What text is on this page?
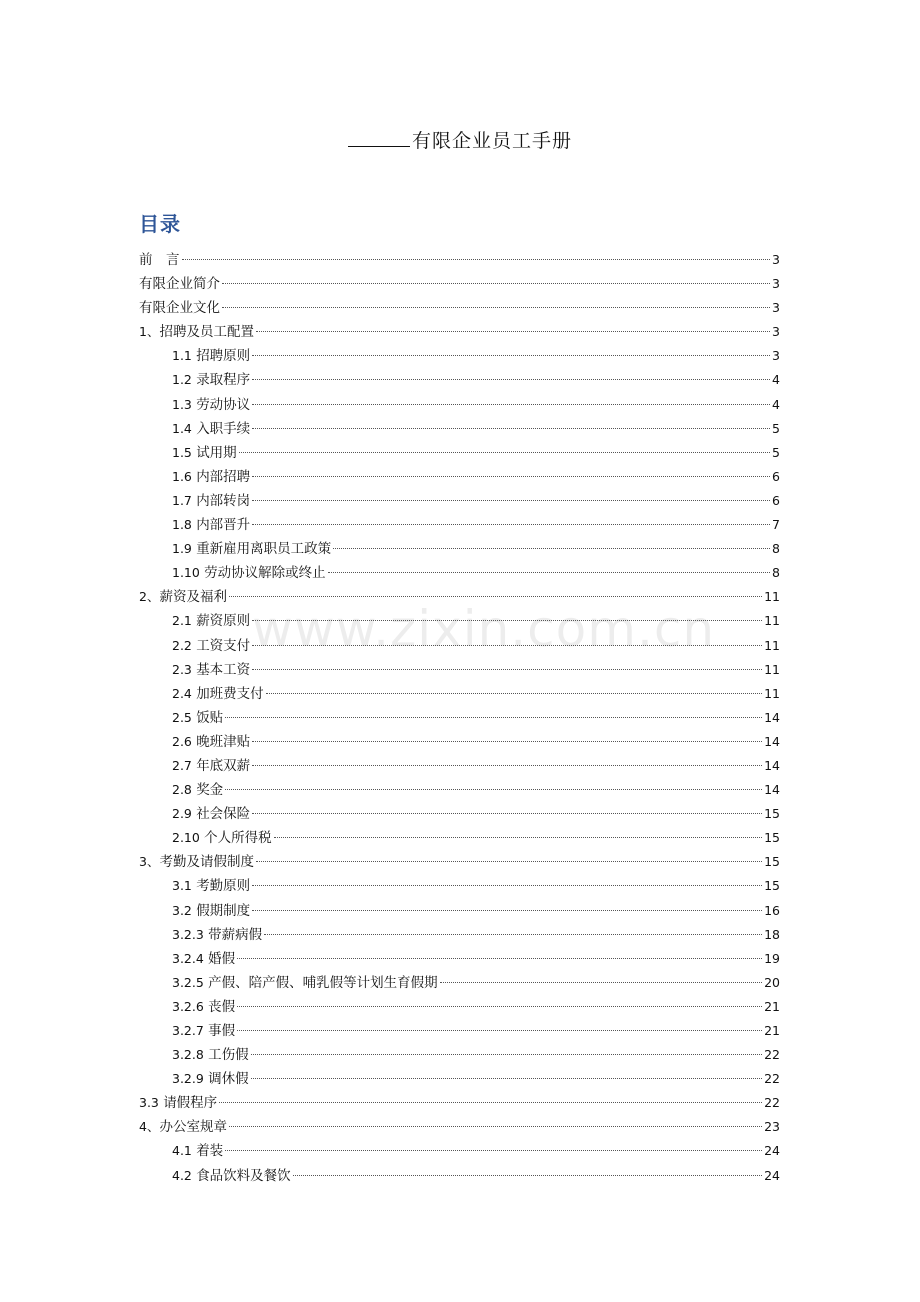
有限企业员工手册
目录
www.zixin.com.cn
前　言	3
有限企业简介	3
有限企业文化	3
1、招聘及员工配置	3
1.1 招聘原则	3
1.2 录取程序	4
1.3 劳动协议	4
1.4 入职手续	5
1.5 试用期	5
1.6 内部招聘	6
1.7 内部转岗	6
1.8 内部晋升	7
1.9 重新雇用离职员工政策	8
1.10 劳动协议解除或终止	8
2、薪资及福利	11
2.1 薪资原则	11
2.2 工资支付	11
2.3 基本工资	11
2.4 加班费支付	11
2.5 饭贴	14
2.6 晚班津贴	14
2.7 年底双薪	14
2.8 奖金	14
2.9 社会保险	15
2.10 个人所得税	15
3、考勤及请假制度	15
3.1 考勤原则	15
3.2 假期制度	16
3.2.3 带薪病假	18
3.2.4 婚假	19
3.2.5 产假、陪产假、哺乳假等计划生育假期	20
3.2.6 丧假	21
3.2.7 事假	21
3.2.8 工伤假	22
3.2.9 调休假	22
3.3 请假程序	22
4、办公室规章	23
4.1 着装	24
4.2 食品饮料及餐饮	24
